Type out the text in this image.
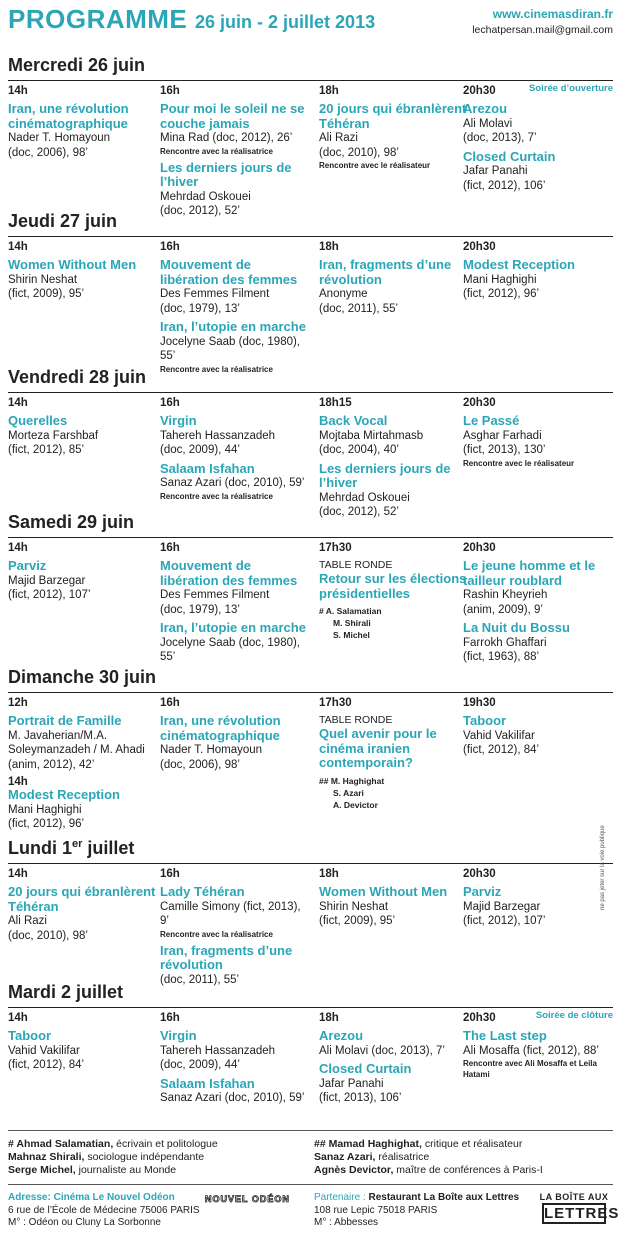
PROGRAMME 26 juin - 2 juillet 2013	www.cinemasdiran.fr
lechatpersan.mail@gmail.com
Mercredi 26 juin
Soirée d’ouverture
14h
Iran, une révolution cinématographique
Nader T. Homayoun
(doc, 2006), 98’
16h
Pour moi le soleil ne se couche jamais
Mina Rad (doc, 2012), 26’
Rencontre avec la réalisatrice
Les derniers jours de l’hiver
Mehrdad Oskouei
(doc, 2012), 52’
18h
20 jours qui ébranlèrent Téhéran
Ali Razi
(doc, 2010), 98’
Rencontre avec le réalisateur
20h30
Arezou
Ali Molavi
(doc, 2013), 7’
Closed Curtain
Jafar Panahi
(fict, 2012), 106’
Jeudi 27 juin
14h
Women Without Men
Shirin Neshat
(fict, 2009), 95’
16h
Mouvement de libération des femmes
Des Femmes Filment
(doc, 1979), 13’
Iran, l’utopie en marche
Jocelyne Saab (doc, 1980), 55’
Rencontre avec la réalisatrice
18h
Iran, fragments d’une révolution
Anonyme
(doc, 2011), 55’
20h30
Modest Reception
Mani Haghighi
(fict, 2012), 96’
Vendredi 28 juin
14h
Querelles
Morteza Farshbaf
(fict, 2012), 85’
16h
Virgin
Tahereh Hassanzadeh
(doc, 2009), 44’
Salaam Isfahan
Sanaz Azari (doc, 2010), 59’
Rencontre avec la réalisatrice
18h15
Back Vocal
Mojtaba Mirtahmasb
(doc, 2004), 40’
Les derniers jours de l’hiver
Mehrdad Oskouei
(doc, 2012), 52’
20h30
Le Passé
Asghar Farhadi
(fict, 2013), 130’
Rencontre avec le réalisateur
Samedi 29 juin
14h
Parviz
Majid Barzegar
(fict, 2012), 107’
16h
Mouvement de libération des femmes
Des Femmes Filment
(doc, 1979), 13’
Iran, l’utopie en marche
Jocelyne Saab (doc, 1980), 55’
17h30
TABLE RONDE
Retour sur les élections présidentielles
# A. Salamatian
M. Shirali
S. Michel
20h30
Le jeune homme et le tailleur roublard
Rashin Kheyrieh
(anim, 2009), 9’
La Nuit du Bossu
Farrokh Ghaffari
(fict, 1963), 88’
Dimanche 30 juin
12h
Portrait de Famille
M. Javaherian/M.A.
Soleymanzadeh / M. Ahadi
(anim, 2012), 42’
14h
Modest Reception
Mani Haghighi
(fict, 2012), 96’
16h
Iran, une révolution cinématographique
Nader T. Homayoun
(doc, 2006), 98’
17h30
TABLE RONDE
Quel avenir pour le cinéma iranien contemporain?
## M. Haghighat
S. Azari
A. Devictor
19h30
Taboor
Vahid Vakilifar
(fict, 2012), 84’
Lundi 1er juillet
14h
20 jours qui ébranlèrent Téhéran
Ali Razi
(doc, 2010), 98’
16h
Lady Téhéran
Camille Simony (fict, 2013), 9’
Rencontre avec la réalisatrice
Iran, fragments d’une révolution
(doc, 2011), 55’
18h
Women Without Men
Shirin Neshat
(fict, 2009), 95’
20h30
Parviz
Majid Barzegar
(fict, 2012), 107’
Mardi 2 juillet
Soirée de clôture
14h
Taboor
Vahid Vakilifar
(fict, 2012), 84’
16h
Virgin
Tahereh Hassanzadeh
(doc, 2009), 44’
Salaam Isfahan
Sanaz Azari (doc, 2010), 59’
18h
Arezou
Ali Molavi (doc, 2013), 7’
Closed Curtain
Jafar Panahi
(fict, 2013), 106’
20h30
The Last step
Ali Mosaffa (fict, 2012), 88’
Rencontre avec Ali Mosaffa et Leila Hatami
# Ahmad Salamatian, écrivain et politologue
Mahnaz Shirali, sociologue indépendante
Serge Michel, journaliste au Monde
## Mamad Haghighat, critique et réalisateur
Sanaz Azari, réalisatrice
Agnès Devictor, maître de conférences à Paris-I
Adresse: Cinéma Le Nouvel Odéon
6 rue de l’École de Médecine 75006 PARIS
M° : Odéon ou Cluny La Sorbonne
NOUVEL ODÉON Partenaire : Restaurant La Boîte aux Lettres
108 rue Lepic 75018 PARIS
M° : Abbesses
LA BOÎTE AUX
LETTRES
ne pas jeter sur la voie publique
